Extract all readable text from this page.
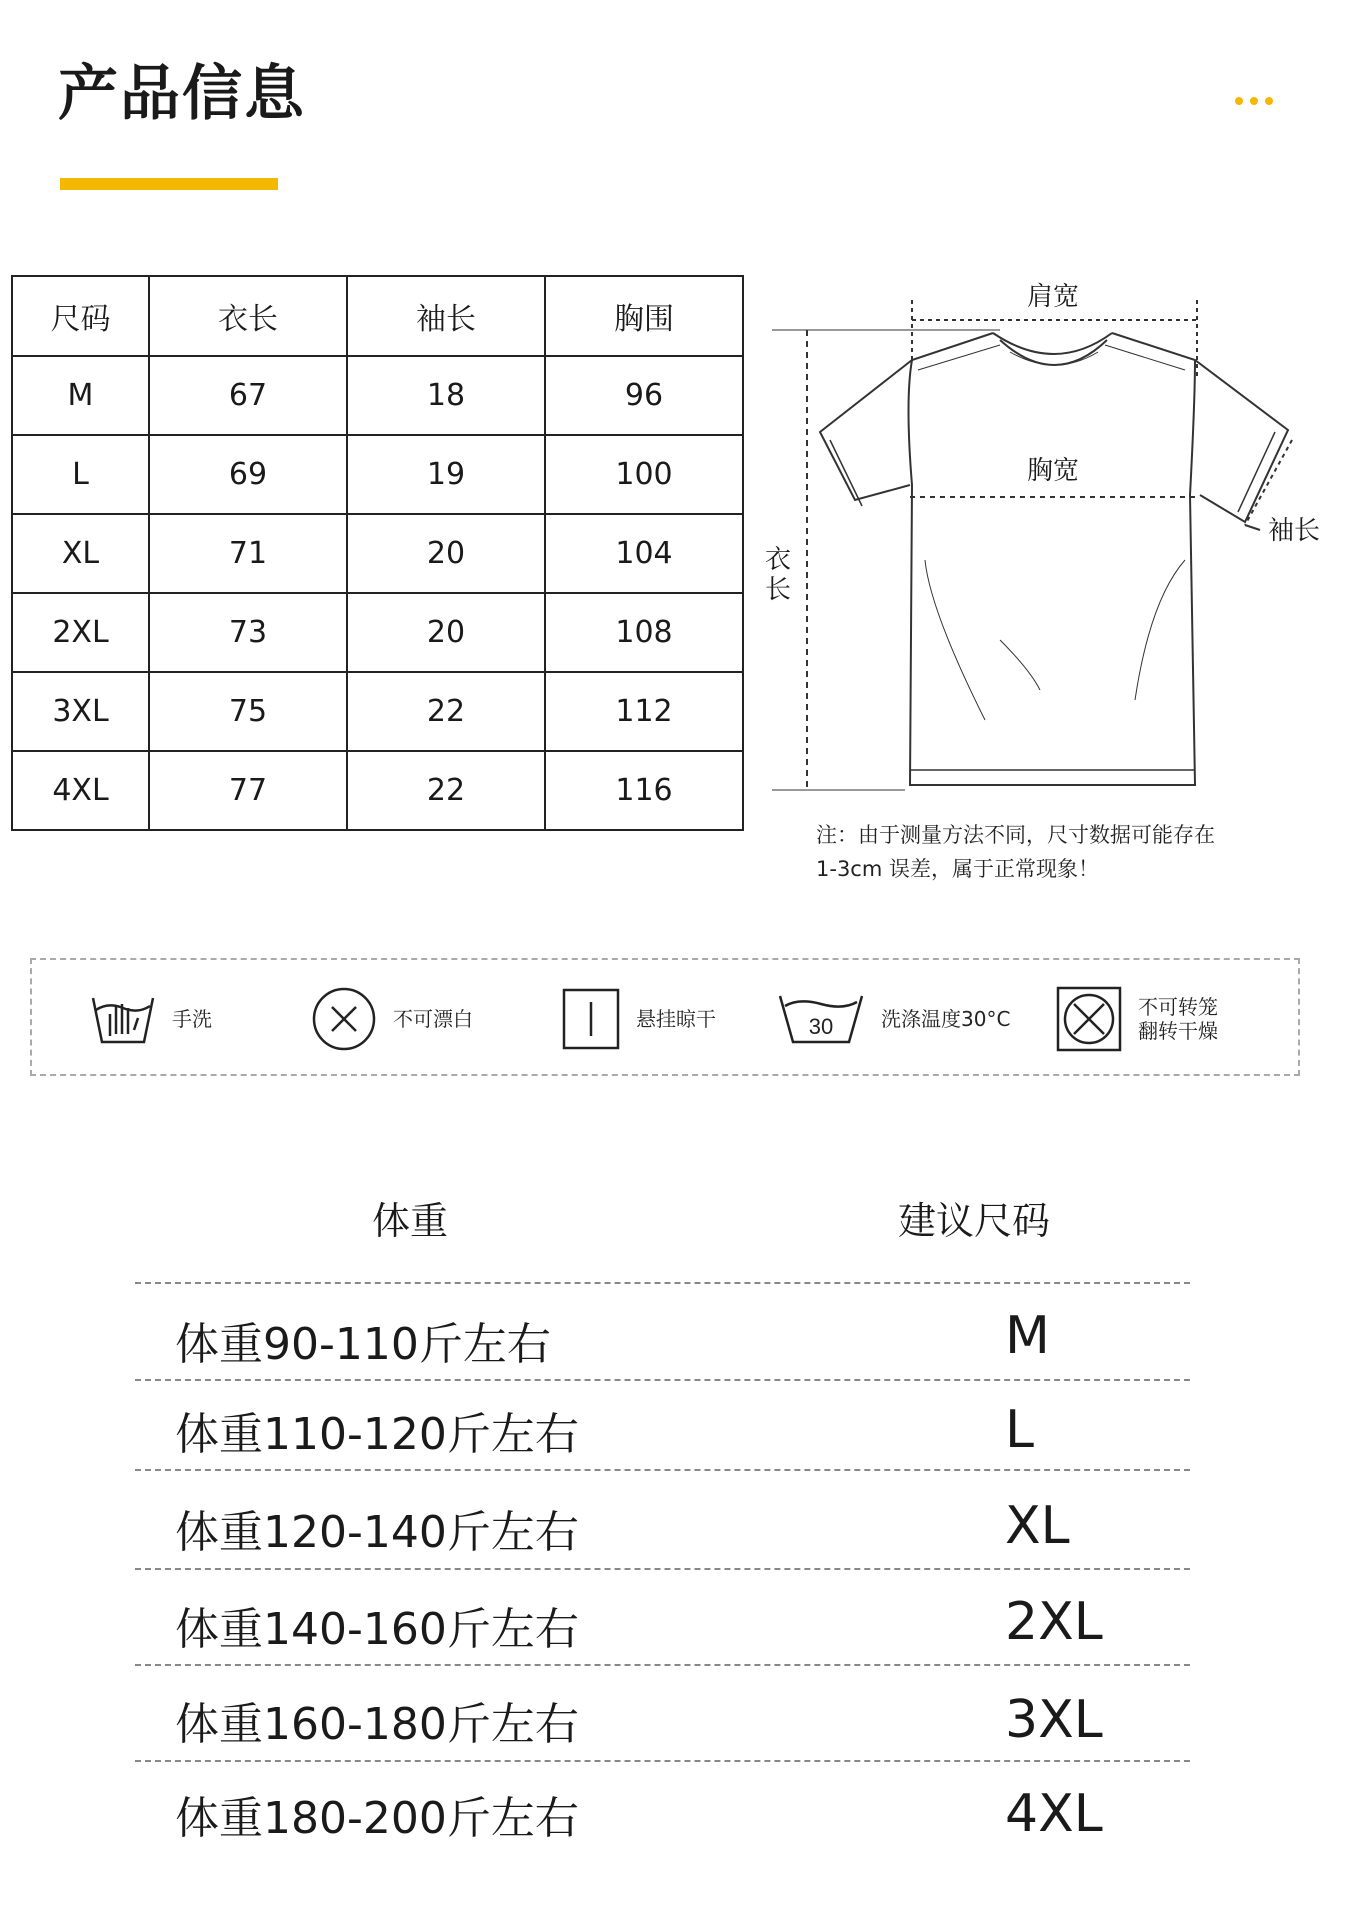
产品信息
尺码	衣长	袖长	胸围
M	67	18	96
L	69	19	100
XL	71	20	104
2XL	73	20	108
3XL	75	22	112
4XL	77	22	116
肩宽
胸宽
袖长
衣长
注：由于测量方法不同，尺寸数据可能存在
1-3cm 误差，属于正常现象！
手洗	不可漂白	悬挂晾干	30 洗涤温度30°C	不可转笼
翻转干燥
体重	建议尺码
体重90-110斤左右	M
体重110-120斤左右	L
体重120-140斤左右	XL
体重140-160斤左右	2XL
体重160-180斤左右	3XL
体重180-200斤左右	4XL
